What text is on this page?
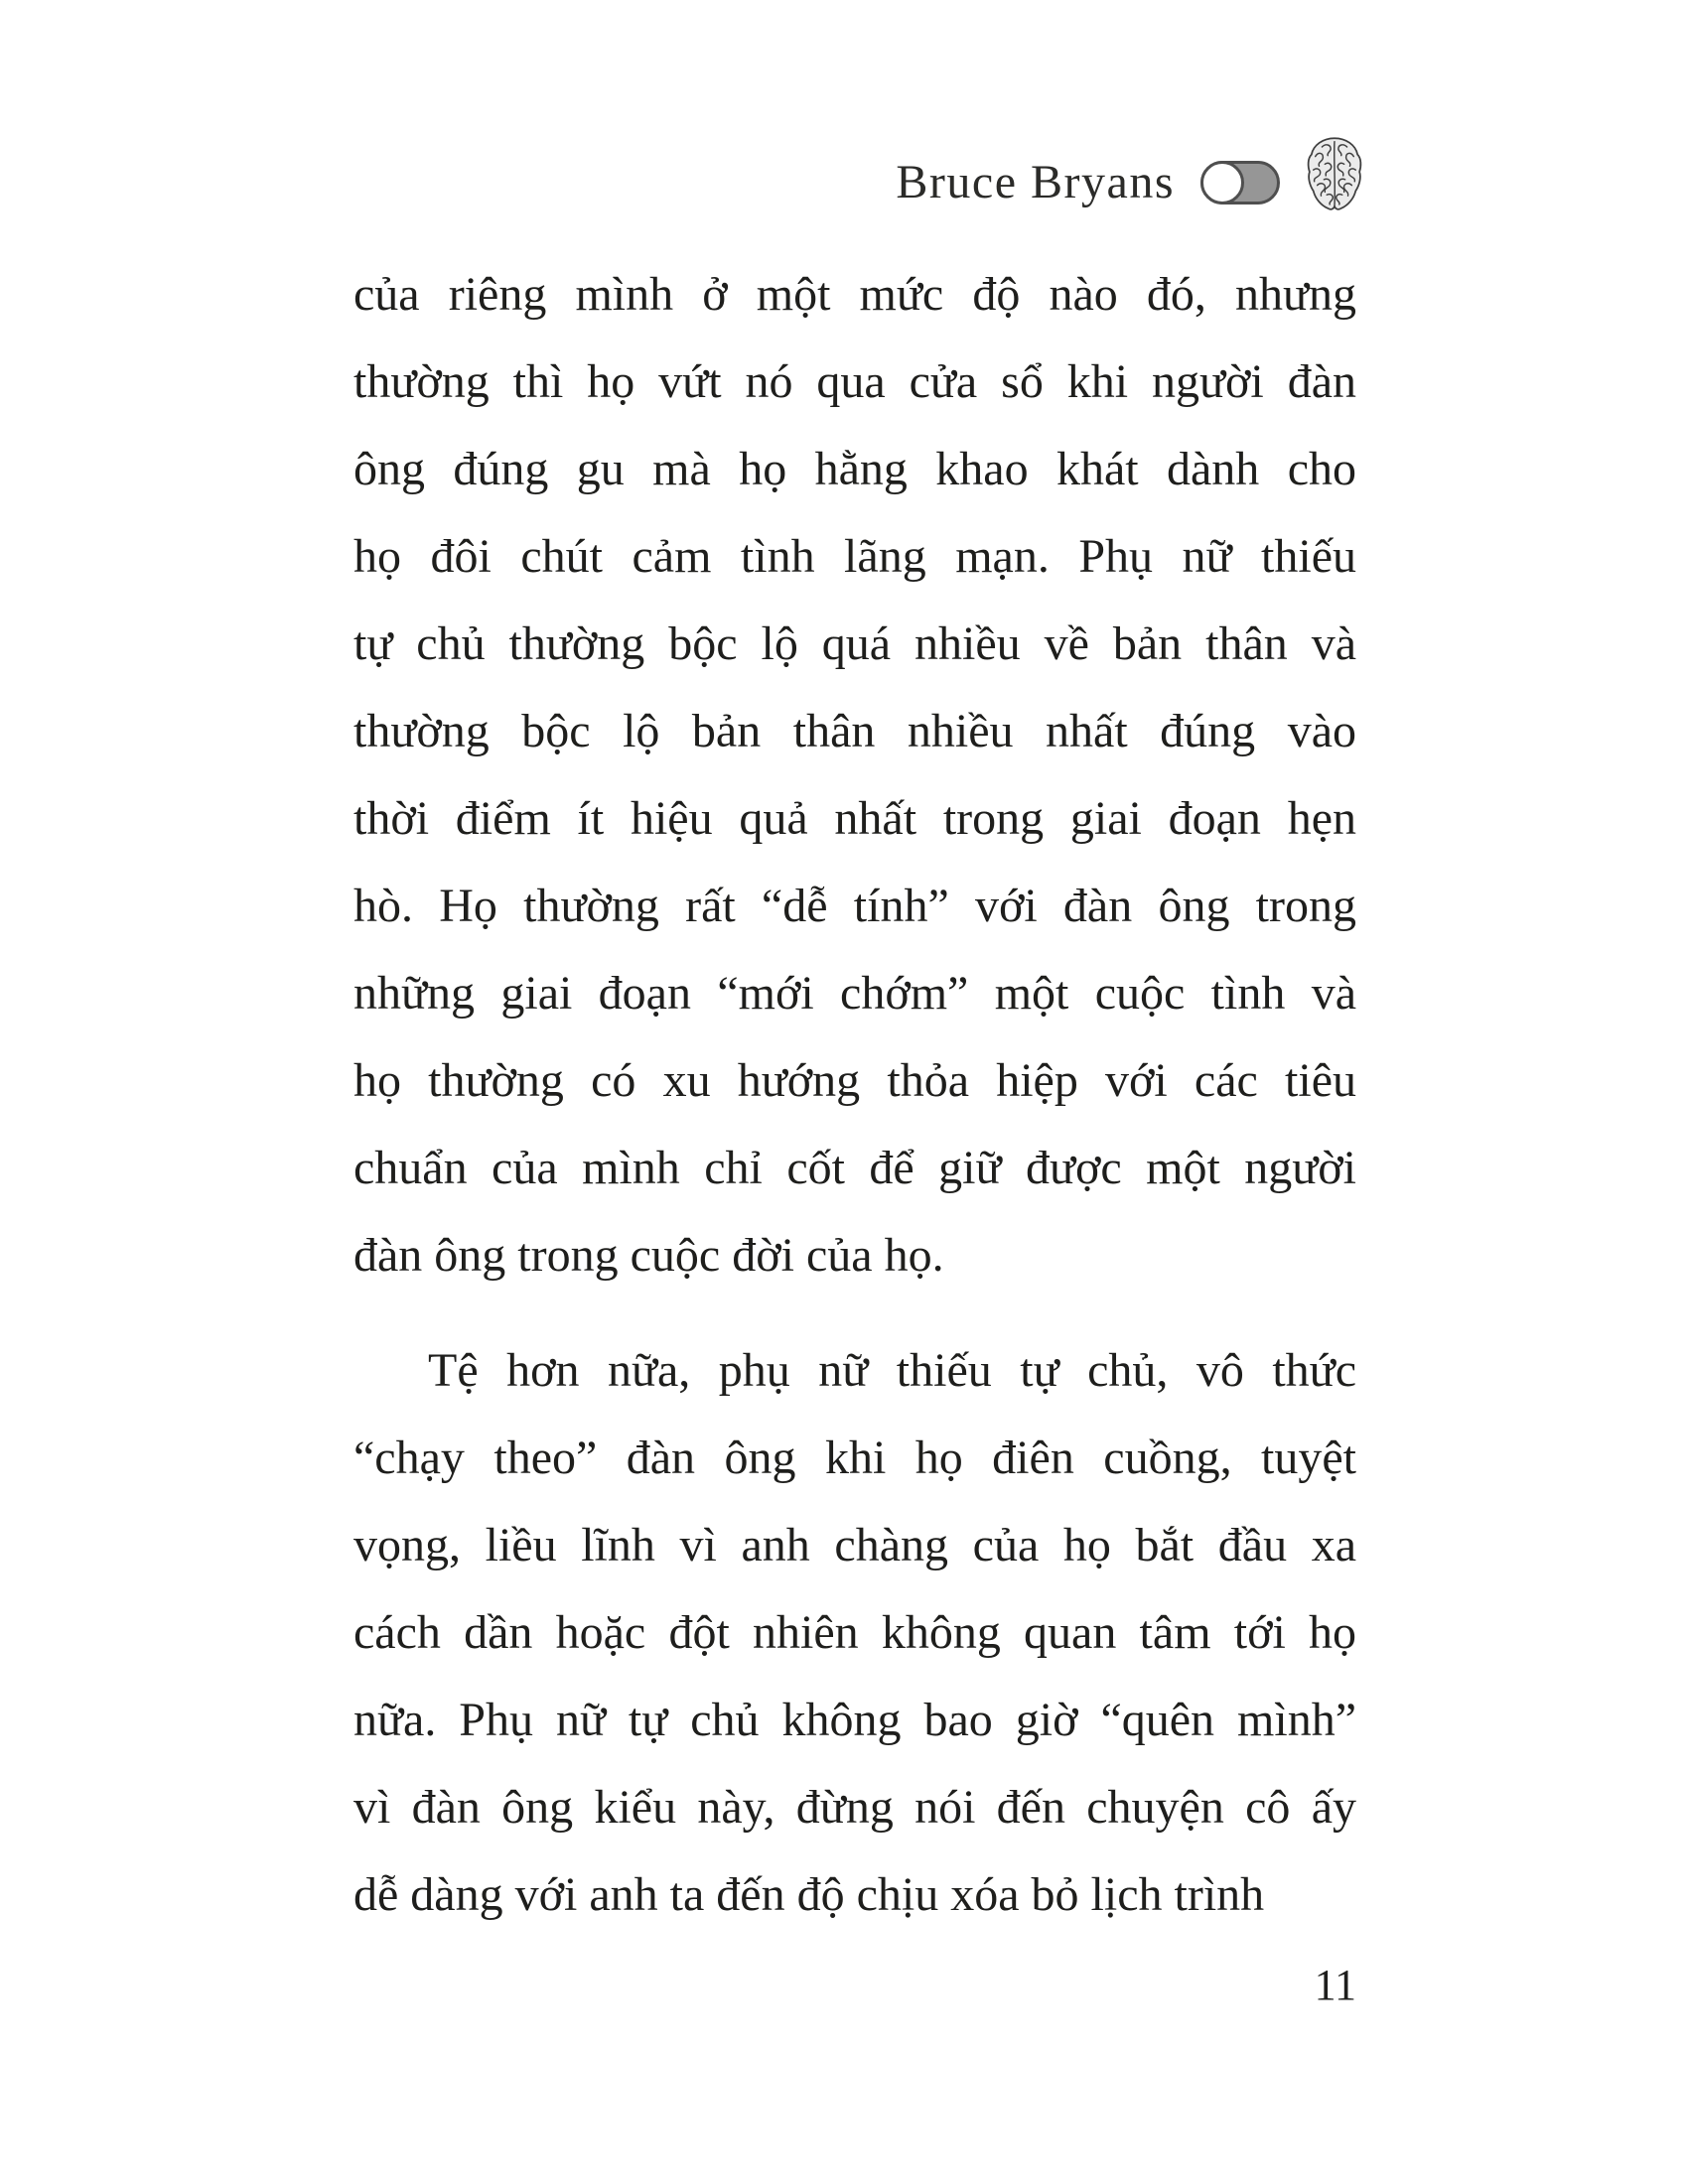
Bruce Bryans
của riêng mình ở một mức độ nào đó, nhưng
thường thì họ vứt nó qua cửa sổ khi người đàn
ông đúng gu mà họ hằng khao khát dành cho
họ đôi chút cảm tình lãng mạn. Phụ nữ thiếu
tự chủ thường bộc lộ quá nhiều về bản thân và
thường bộc lộ bản thân nhiều nhất đúng vào
thời điểm ít hiệu quả nhất trong giai đoạn hẹn
hò. Họ thường rất “dễ tính” với đàn ông trong
những giai đoạn “mới chớm” một cuộc tình và
họ thường có xu hướng thỏa hiệp với các tiêu
chuẩn của mình chỉ cốt để giữ được một người
đàn ông trong cuộc đời của họ.
Tệ hơn nữa, phụ nữ thiếu tự chủ, vô thức
“chạy theo” đàn ông khi họ điên cuồng, tuyệt
vọng, liều lĩnh vì anh chàng của họ bắt đầu xa
cách dần hoặc đột nhiên không quan tâm tới họ
nữa. Phụ nữ tự chủ không bao giờ “quên mình”
vì đàn ông kiểu này, đừng nói đến chuyện cô ấy
dễ dàng với anh ta đến độ chịu xóa bỏ lịch trình
11
